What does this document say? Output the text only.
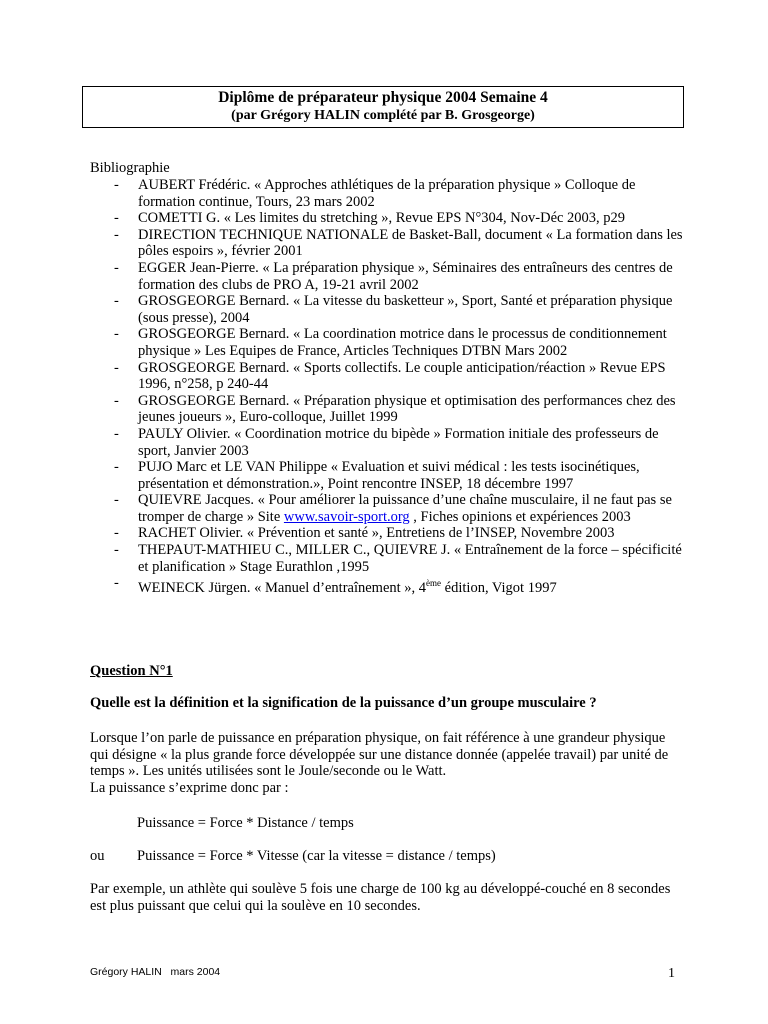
Diplôme de préparateur physique 2004 Semaine 4
(par Grégory HALIN complété par B. Grosgeorge)
Bibliographie
- AUBERT Frédéric. « Approches athlétiques de la préparation physique » Colloque de formation continue, Tours, 23 mars 2002
- COMETTI G. « Les limites du stretching », Revue EPS N°304, Nov-Déc 2003, p29
- DIRECTION TECHNIQUE NATIONALE de Basket-Ball, document « La formation dans les pôles espoirs », février 2001
- EGGER Jean-Pierre. « La préparation physique », Séminaires des entraîneurs des centres de formation des clubs de PRO A, 19-21 avril 2002
- GROSGEORGE Bernard. « La vitesse du basketteur », Sport, Santé et préparation physique (sous presse), 2004
- GROSGEORGE Bernard. « La coordination motrice dans le processus de conditionnement physique » Les Equipes de France, Articles Techniques DTBN Mars 2002
- GROSGEORGE Bernard. « Sports collectifs. Le couple anticipation/réaction » Revue EPS 1996, n°258, p 240-44
- GROSGEORGE Bernard. « Préparation physique et optimisation des performances chez des jeunes joueurs », Euro-colloque, Juillet 1999
- PAULY Olivier. « Coordination motrice du bipède » Formation initiale des professeurs de sport, Janvier 2003
- PUJO Marc et LE VAN Philippe « Evaluation et suivi médical : les tests isocinétiques, présentation et démonstration.», Point rencontre INSEP, 18 décembre 1997
- QUIEVRE Jacques. « Pour améliorer la puissance d’une chaîne musculaire, il ne faut pas se tromper de charge » Site www.savoir-sport.org , Fiches opinions et expériences 2003
- RACHET Olivier. « Prévention et santé », Entretiens de l’INSEP, Novembre 2003
- THEPAUT-MATHIEU C., MILLER C., QUIEVRE J. « Entraînement de la force – spécificité et planification » Stage Eurathlon ,1995
- WEINECK Jürgen. « Manuel d’entraînement », 4ème édition, Vigot 1997
Question N°1
Quelle est la définition et la signification de la puissance d’un groupe musculaire ?

Lorsque l’on parle de puissance en préparation physique, on fait référence à une grandeur physique qui désigne « la plus grande force développée sur une distance donnée (appelée travail) par unité de temps ». Les unités utilisées sont le Joule/seconde ou le Watt.

La puissance s’exprime donc par :

Puissance = Force * Distance / temps
ou Puissance = Force * Vitesse (car la vitesse = distance / temps)
Par exemple, un athlète qui soulève 5 fois une charge de 100 kg au développé-couché en 8 secondes est plus puissant que celui qui la soulève en 10 secondes.
Grégory HALIN   mars 2004	1
